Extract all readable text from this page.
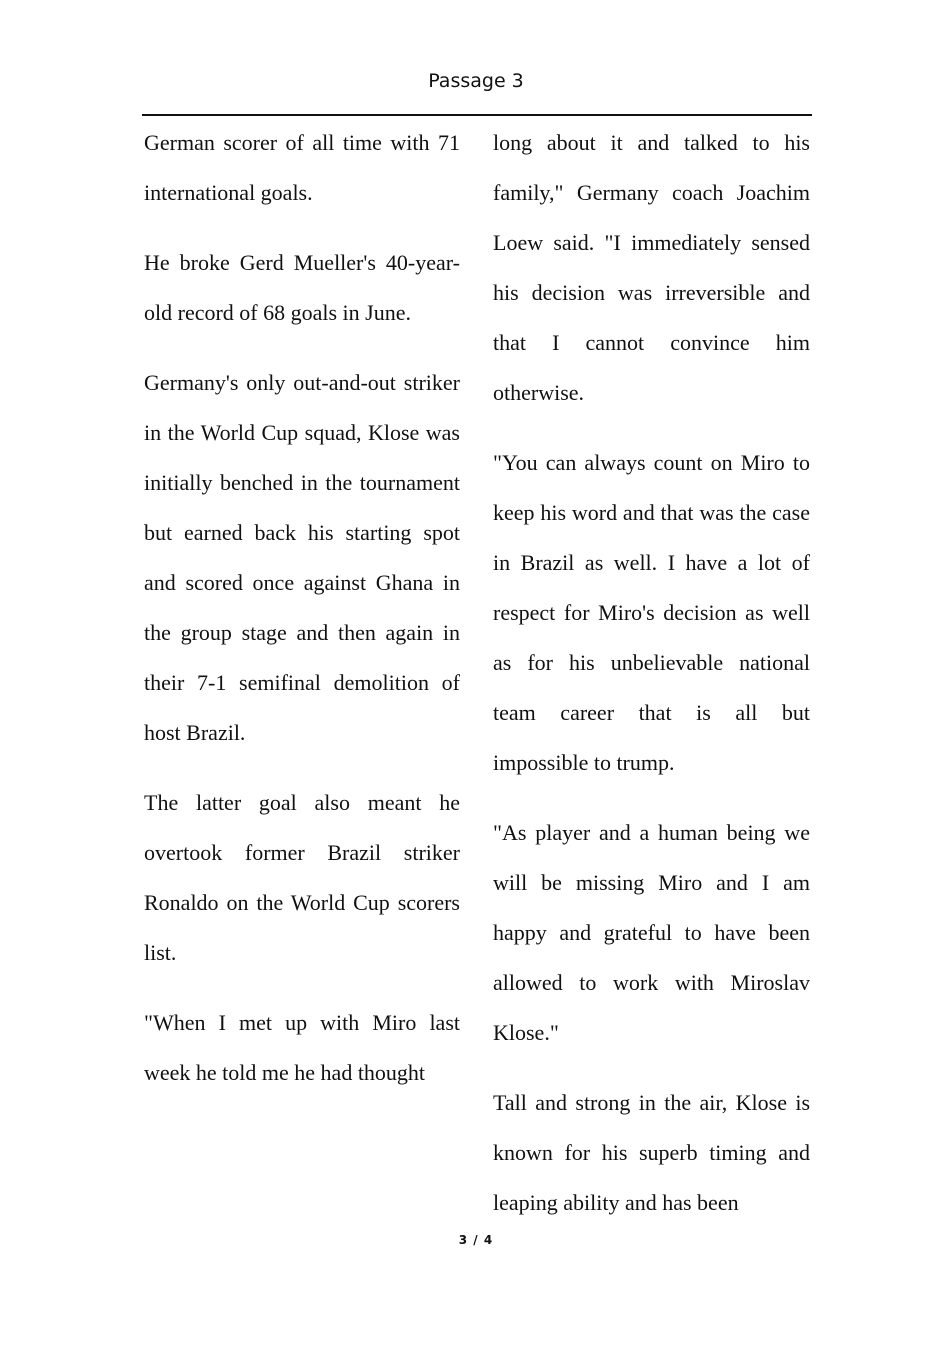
Passage 3

German scorer of all time with 71 international goals.

He broke Gerd Mueller's 40-year-old record of 68 goals in June.

Germany's only out-and-out striker in the World Cup squad, Klose was initially benched in the tournament but earned back his starting spot and scored once against Ghana in the group stage and then again in their 7-1 semifinal demolition of host Brazil.

The latter goal also meant he overtook former Brazil striker Ronaldo on the World Cup scorers list.

"When I met up with Miro last week he told me he had thought

long about it and talked to his family," Germany coach Joachim Loew said. "I immediately sensed his decision was irreversible and that I cannot convince him otherwise.

"You can always count on Miro to keep his word and that was the case in Brazil as well. I have a lot of respect for Miro's decision as well as for his unbelievable national team career that is all but impossible to trump.

"As player and a human being we will be missing Miro and I am happy and grateful to have been allowed to work with Miroslav Klose."

Tall and strong in the air, Klose is known for his superb timing and leaping ability and has been

3 / 4
